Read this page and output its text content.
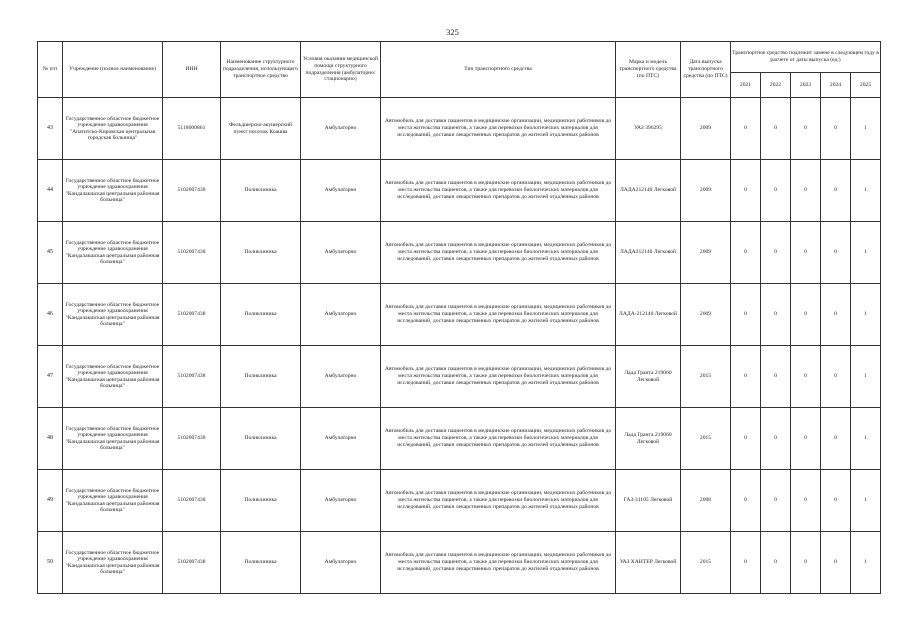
325
№ п/п	Учреждение (полное наименование)	ИНН	Наименование структурного подразделения, использующего транспортное средство	Условия оказания медицинской помощи структурного подразделения (амбулаторно/ стационарно)	Тип транспортного средства	Марка и модель транспортного средства (по ПТС)	Дата выпуска транспортного средства (по ПТС)	Транспортное средство подлежит замене в следующем году в расчете от даты выпуска (ед.)				
								2021	2022	2023	2024	2025
43	Государственное областное бюджетное учреждение здравоохранения "Апатитско-Кировская центральная городская больница"	5118000861	Фельдшерско-акушерский пункт поселок Коашва	Амбулаторно	Автомобиль для доставки пациентов в медицинские организации, медицинских работников до места жительства пациентов, а также для перевозки биологических материалов для исследований, доставки лекарственных препаратов до жителей отдаленных районов	УАЗ 396295	2009	0	0	0	0	1
44	Государственное областное бюджетное учреждение здравоохранения "Кандалакшская центральная районная больница"	5102007438	Поликлиника	Амбулаторно	Автомобиль для доставки пациентов в медицинские организации, медицинских работников до места жительства пациентов, а также для перевозки биологических материалов для исследований, доставки лекарственных препаратов до жителей отдаленных районов	ЛАДА212140 Легковой	2009	0	0	0	0	1
45	Государственное областное бюджетное учреждение здравоохранения "Кандалакшская центральная районная больница"	5102007438	Поликлиника	Амбулаторно	Автомобиль для доставки пациентов в медицинские организации, медицинских работников до места жительства пациентов, а также для перевозки биологических материалов для исследований, доставки лекарственных препаратов до жителей отдаленных районов	ЛАДА212140 Легковой	2009	0	0	0	0	1
46	Государственное областное бюджетное учреждение здравоохранения "Кандалакшская центральная районная больница"	5102007438	Поликлиника	Амбулаторно	Автомобиль для доставки пациентов в медицинские организации, медицинских работников до места жительства пациентов, а также для перевозки биологических материалов для исследований, доставки лекарственных препаратов до жителей отдаленных районов	ЛАДА-212140 Легковой	2009	0	0	0	0	1
47	Государственное областное бюджетное учреждение здравоохранения "Кандалакшская центральная районная больница"	5102007438	Поликлиника	Амбулаторно	Автомобиль для доставки пациентов в медицинские организации, медицинских работников до места жительства пациентов, а также для перевозки биологических материалов для исследований, доставки лекарственных препаратов до жителей отдаленных районов	Лада Гранта 219060 Легковой	2015	0	0	0	0	1
48	Государственное областное бюджетное учреждение здравоохранения "Кандалакшская центральная районная больница"	5102007438	Поликлиника	Амбулаторно	Автомобиль для доставки пациентов в медицинские организации, медицинских работников до места жительства пациентов, а также для перевозки биологических материалов для исследований, доставки лекарственных препаратов до жителей отдаленных районов	Лада Гранта 219060 Легковой	2015	0	0	0	0	1
49	Государственное областное бюджетное учреждение здравоохранения "Кандалакшская центральная районная больница"	5102007438	Поликлиника	Амбулаторно	Автомобиль для доставки пациентов в медицинские организации, медицинских работников до места жительства пациентов, а также для перевозки биологических материалов для исследований, доставки лекарственных препаратов до жителей отдаленных районов	ГАЗ-31105 Легковой	2008	0	0	0	0	1
50	Государственное областное бюджетное учреждение здравоохранения "Кандалакшская центральная районная больница"	5102007438	Поликлиника	Амбулаторно	Автомобиль для доставки пациентов в медицинские организации, медицинских работников до места жительства пациентов, а также для перевозки биологических материалов для исследований, доставки лекарственных препаратов до жителей отдаленных районов	УАЗ ХАНТЕР Легковой	2015	0	0	0	0	1
